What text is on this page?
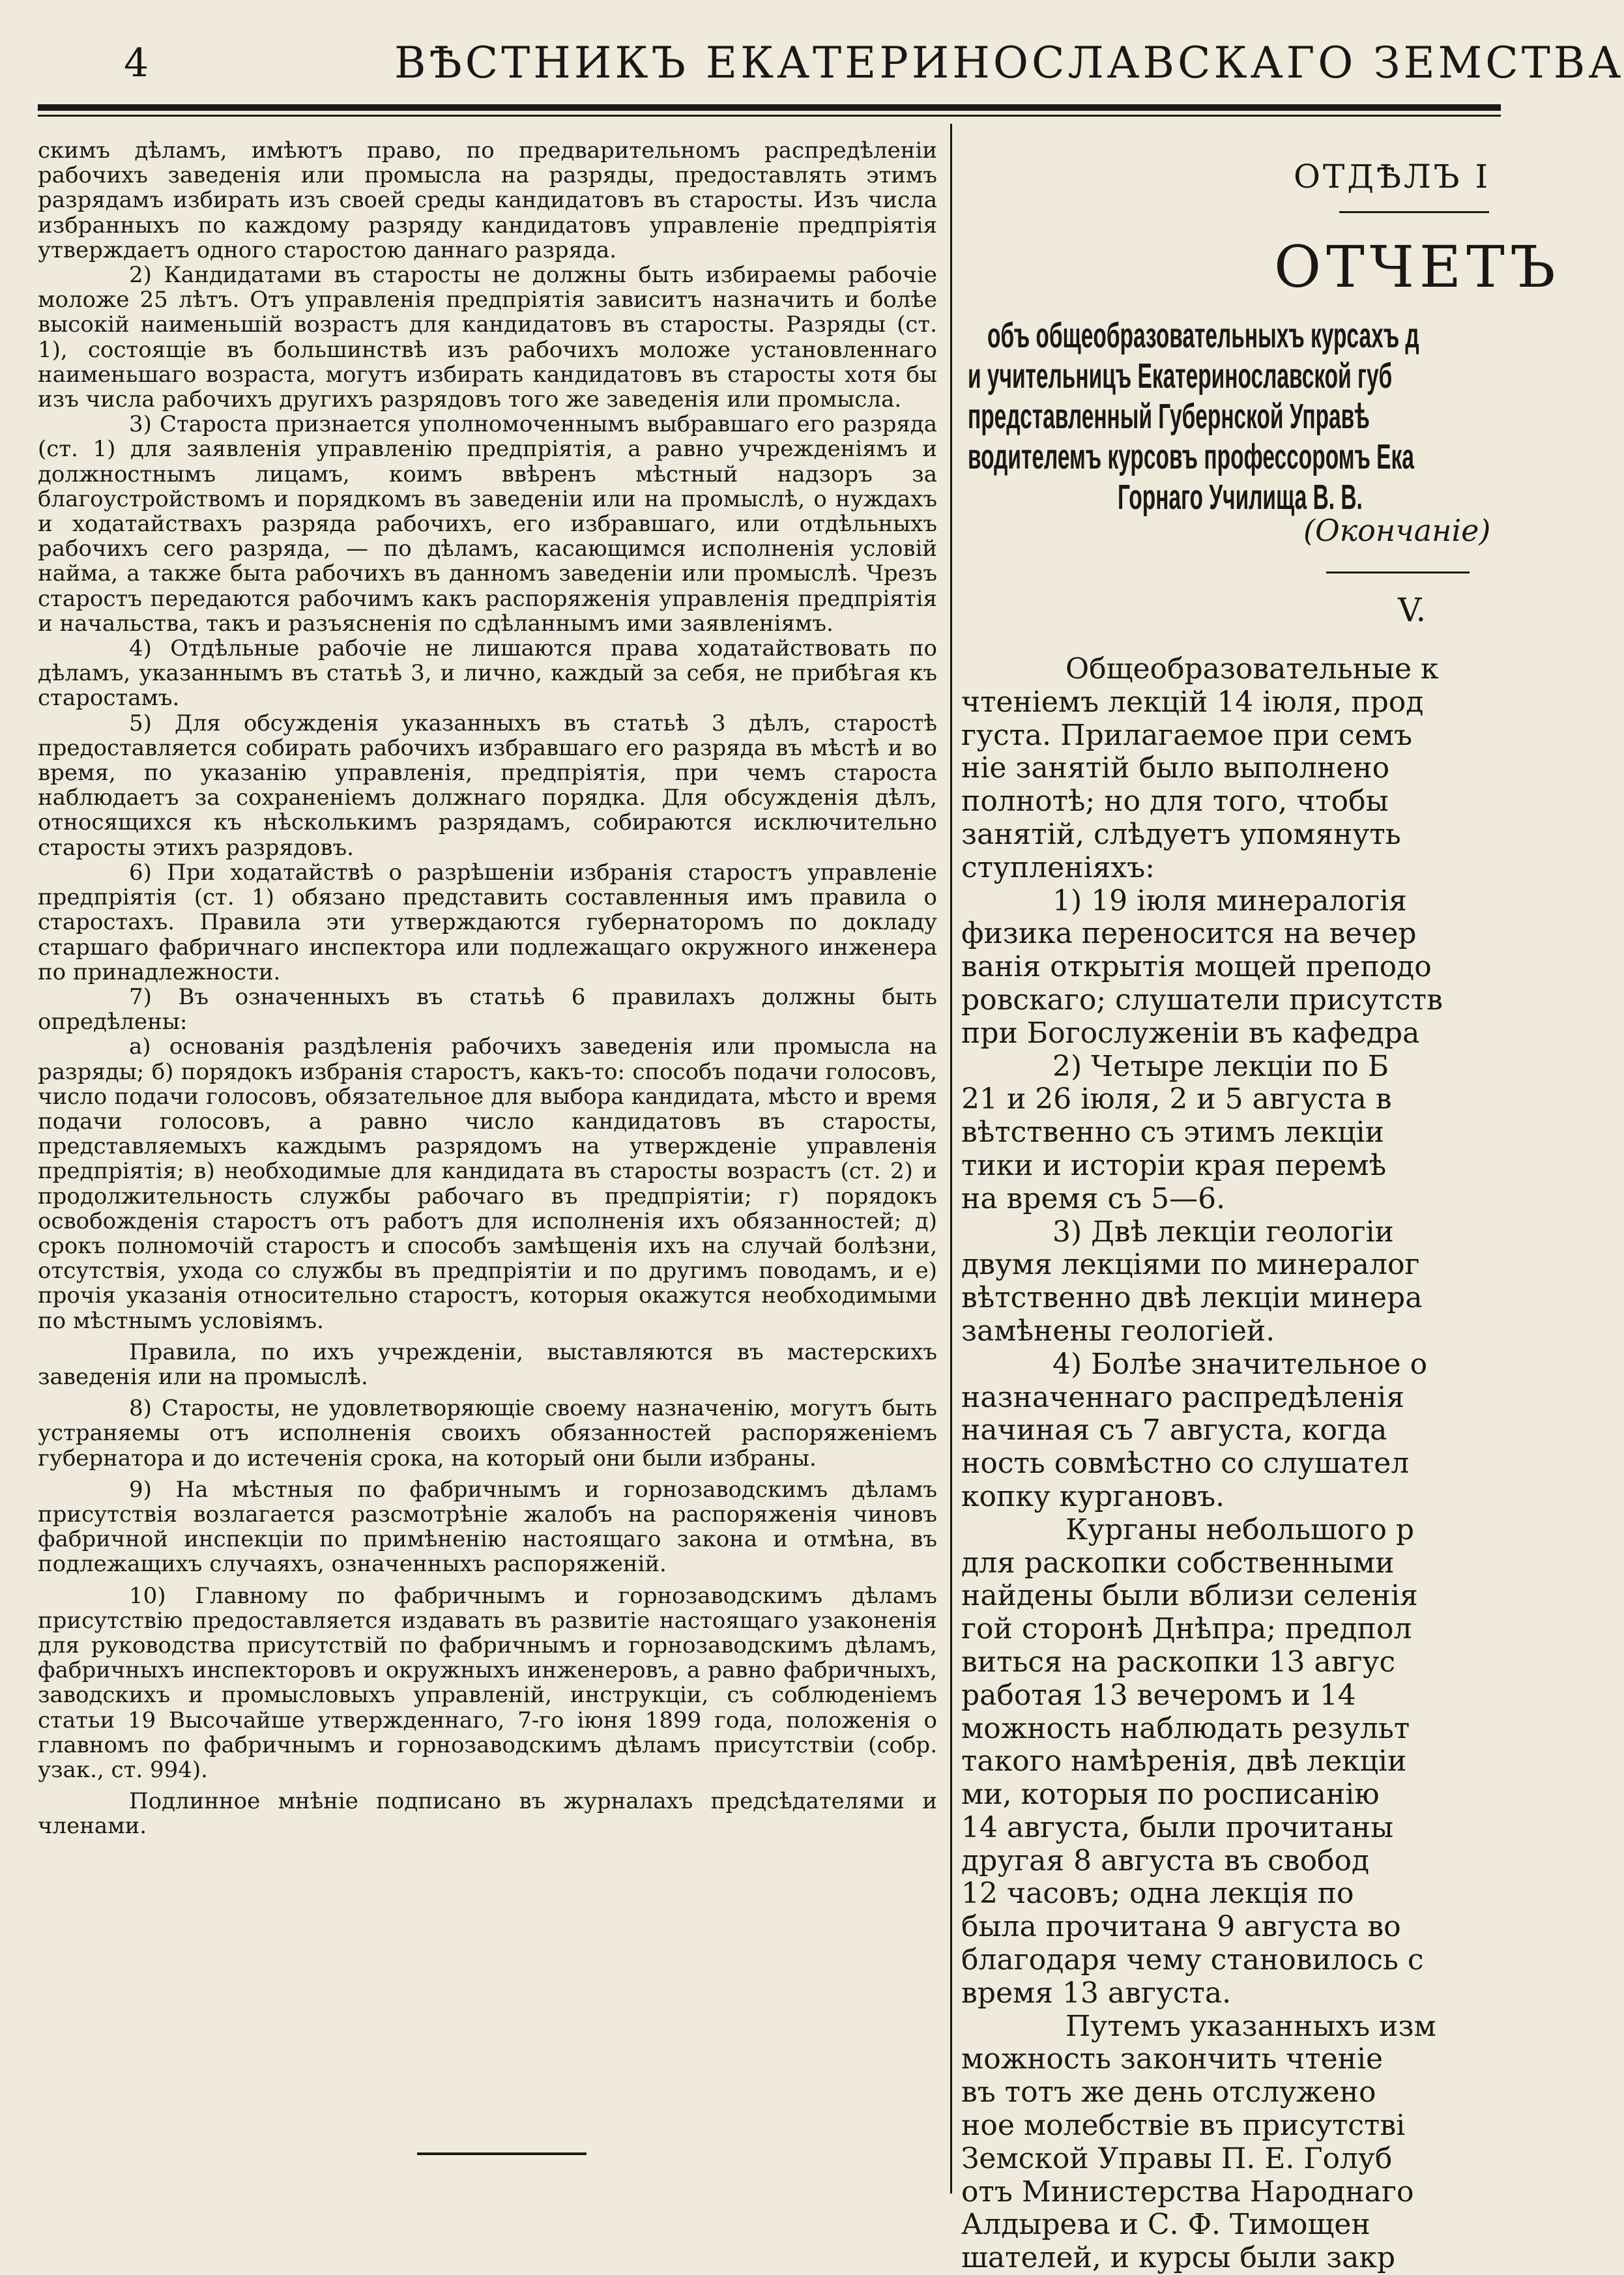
4	ВѢСТНИКЪ ЕКАТЕРИНОСЛАВСКАГО ЗЕМСТВА

скимъ дѣламъ, имѣютъ право, по предварительномъ распредѣленіи рабочихъ заведенія или промысла на разряды, предоставлять этимъ разрядамъ избирать изъ своей среды кандидатовъ въ старосты. Изъ числа избранныхъ по каждому разряду кандидатовъ управленіе предпріятія утверждаетъ одного старостою даннаго разряда.

2) Кандидатами въ старосты не должны быть избираемы рабочіе моложе 25 лѣтъ. Отъ управленія предпріятія зависитъ назначить и болѣе высокій наименьшій возрастъ для кандидатовъ въ старосты. Разряды (ст. 1), состоящіе въ большинствѣ изъ рабочихъ моложе установленнаго наименьшаго возраста, могутъ избирать кандидатовъ въ старосты хотя бы изъ числа рабочихъ другихъ разрядовъ того же заведенія или промысла.

3) Староста признается уполномоченнымъ выбравшаго его разряда (ст. 1) для заявленія управленію предпріятія, а равно учрежденіямъ и должностнымъ лицамъ, коимъ ввѣренъ мѣстный надзоръ за благоустройствомъ и порядкомъ въ заведеніи или на промыслѣ, о нуждахъ и ходатайствахъ разряда рабочихъ, его избравшаго, или отдѣльныхъ рабочихъ сего разряда, — по дѣламъ, касающимся исполненія условій найма, а также быта рабочихъ въ данномъ заведеніи или промыслѣ. Чрезъ старостъ передаются рабочимъ какъ распоряженія управленія предпріятія и начальства, такъ и разъясненія по сдѣланнымъ ими заявленіямъ.

4) Отдѣльные рабочіе не лишаются права ходатайствовать по дѣламъ, указаннымъ въ статьѣ 3, и лично, каждый за себя, не прибѣгая къ старостамъ.

5) Для обсужденія указанныхъ въ статьѣ 3 дѣлъ, старостѣ предоставляется собирать рабочихъ избравшаго его разряда въ мѣстѣ и во время, по указанію управленія, предпріятія, при чемъ староста наблюдаетъ за сохраненіемъ должнаго порядка. Для обсужденія дѣлъ, относящихся къ нѣсколькимъ разрядамъ, собираются исключительно старосты этихъ разрядовъ.

6) При ходатайствѣ о разрѣшеніи избранія старостъ управленіе предпріятія (ст. 1) обязано представить составленныя имъ правила о старостахъ. Правила эти утверждаются губернаторомъ по докладу старшаго фабричнаго инспектора или подлежащаго окружного инженера по принадлежности.

7) Въ означенныхъ въ статьѣ 6 правилахъ должны быть опредѣлены:

а) основанія раздѣленія рабочихъ заведенія или промысла на разряды; б) порядокъ избранія старостъ, какъ-то: способъ подачи голосовъ, число подачи голосовъ, обязательное для выбора кандидата, мѣсто и время подачи голосовъ, а равно число кандидатовъ въ старосты, представляемыхъ каждымъ разрядомъ на утвержденіе управленія предпріятія; в) необходимые для кандидата въ старосты возрастъ (ст. 2) и продолжительность службы рабочаго въ предпріятіи; г) порядокъ освобожденія старостъ отъ работъ для исполненія ихъ обязанностей; д) срокъ полномочій старостъ и способъ замѣщенія ихъ на случай болѣзни, отсутствія, ухода со службы въ предпріятіи и по другимъ поводамъ, и е) прочія указанія относительно старостъ, которыя окажутся необходимыми по мѣстнымъ условіямъ.

Правила, по ихъ учрежденіи, выставляются въ мастерскихъ заведенія или на промыслѣ.

8) Старосты, не удовлетворяющіе своему назначенію, могутъ быть устраняемы отъ исполненія своихъ обязанностей распоряженіемъ губернатора и до истеченія срока, на который они были избраны.

9) На мѣстныя по фабричнымъ и горнозаводскимъ дѣламъ присутствія возлагается разсмотрѣніе жалобъ на распоряженія чиновъ фабричной инспекціи по примѣненію настоящаго закона и отмѣна, въ подлежащихъ случаяхъ, означенныхъ распоряженій.

10) Главному по фабричнымъ и горнозаводскимъ дѣламъ присутствію предоставляется издавать въ развитіе настоящаго узаконенія для руководства присутствій по фабричнымъ и горнозаводскимъ дѣламъ, фабричныхъ инспекторовъ и окружныхъ инженеровъ, а равно фабричныхъ, заводскихъ и промысловыхъ управленій, инструкціи, съ соблюденіемъ статьи 19 Высочайше утвержденнаго, 7-го іюня 1899 года, положенія о главномъ по фабричнымъ и горнозаводскимъ дѣламъ присутствіи (собр. узак., ст. 994).

Подлинное мнѣніе подписано въ журналахъ предсѣдателями и членами.

ОТДѢЛЪ I
ОТЧЕТЪ
объ общеобразовательныхъ курсахъ д
и учительницъ Екатеринославской губ
представленный Губернской Управѣ
водителемъ курсовъ профессоромъ Ека
Горнаго Училища В. В.
(Окончаніе)
V.

Общеобразовательные к

чтеніемъ лекцій 14 іюля, прод

густа. Прилагаемое при семъ

ніе занятій было выполнено

полнотѣ; но для того, чтобы

занятій, слѣдуетъ упомянуть

ступленіяхъ:

1) 19 іюля минералогія

физика переносится на вечер

ванія открытія мощей преподо

ровскаго; слушатели присутств

при Богослуженіи въ кафедра

2) Четыре лекціи по Б

21 и 26 іюля, 2 и 5 августа в

вѣтственно съ этимъ лекціи

тики и исторіи края перемѣ

на время съ 5—6.

3) Двѣ лекціи геологіи

двумя лекціями по минералог

вѣтственно двѣ лекціи минера

замѣнены геологіей.

4) Болѣе значительное о

назначеннаго распредѣленія

начиная съ 7 августа, когда

ность совмѣстно со слушател

копку кургановъ.

Курганы небольшого р

для раскопки собственными

найдены были вблизи селенія

гой сторонѣ Днѣпра; предпол

виться на раскопки 13 авгус

работая 13 вечеромъ и 14

можность наблюдать результ

такого намѣренія, двѣ лекціи

ми, которыя по росписанію

14 августа, были прочитаны

другая 8 августа въ свобод

12 часовъ; одна лекція по

была прочитана 9 августа во

благодаря чему становилось с

время 13 августа.

Путемъ указанныхъ изм

можность закончить чтеніе

въ тотъ же день отслужено

ное молебствіе въ присутстві

Земской Управы П. Е. Голуб

отъ Министерства Народнаго

Алдырева и С. Ф. Тимощен

шателей, и курсы были закр
